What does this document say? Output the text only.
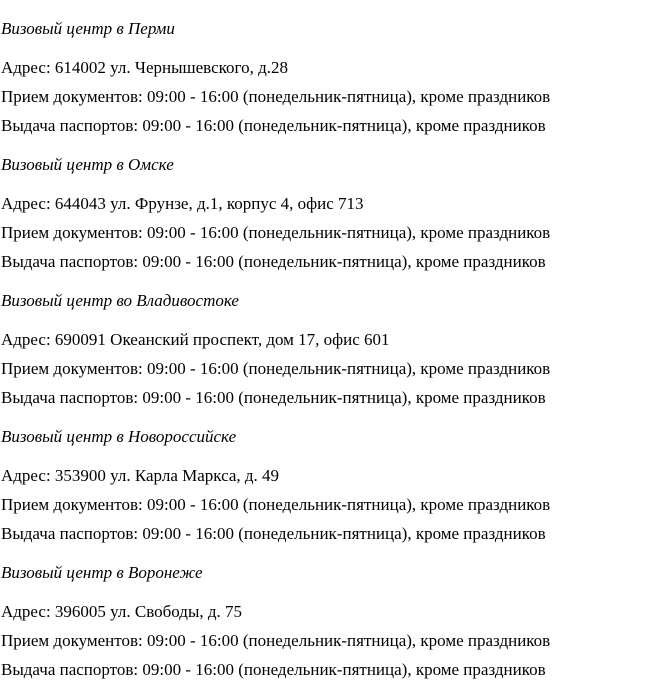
Визовый центр в Перми

Адрес: 614002 ул. Чернышевского, д.28
Прием документов: 09:00 - 16:00 (понедельник-пятница), кроме праздников
Выдача паспортов: 09:00 - 16:00 (понедельник-пятница), кроме праздников

Визовый центр в Омске

Адрес: 644043 ул. Фрунзе, д.1, корпус 4, офис 713
Прием документов: 09:00 - 16:00 (понедельник-пятница), кроме праздников
Выдача паспортов: 09:00 - 16:00 (понедельник-пятница), кроме праздников

Визовый центр во Владивостоке

Адрес: 690091 Океанский проспект, дом 17, офис 601
Прием документов: 09:00 - 16:00 (понедельник-пятница), кроме праздников
Выдача паспортов: 09:00 - 16:00 (понедельник-пятница), кроме праздников

Визовый центр в Новороссийске

Адрес: 353900 ул. Карла Маркса, д. 49
Прием документов: 09:00 - 16:00 (понедельник-пятница), кроме праздников
Выдача паспортов: 09:00 - 16:00 (понедельник-пятница), кроме праздников

Визовый центр в Воронеже

Адрес: 396005 ул. Свободы, д. 75
Прием документов: 09:00 - 16:00 (понедельник-пятница), кроме праздников
Выдача паспортов: 09:00 - 16:00 (понедельник-пятница), кроме праздников
